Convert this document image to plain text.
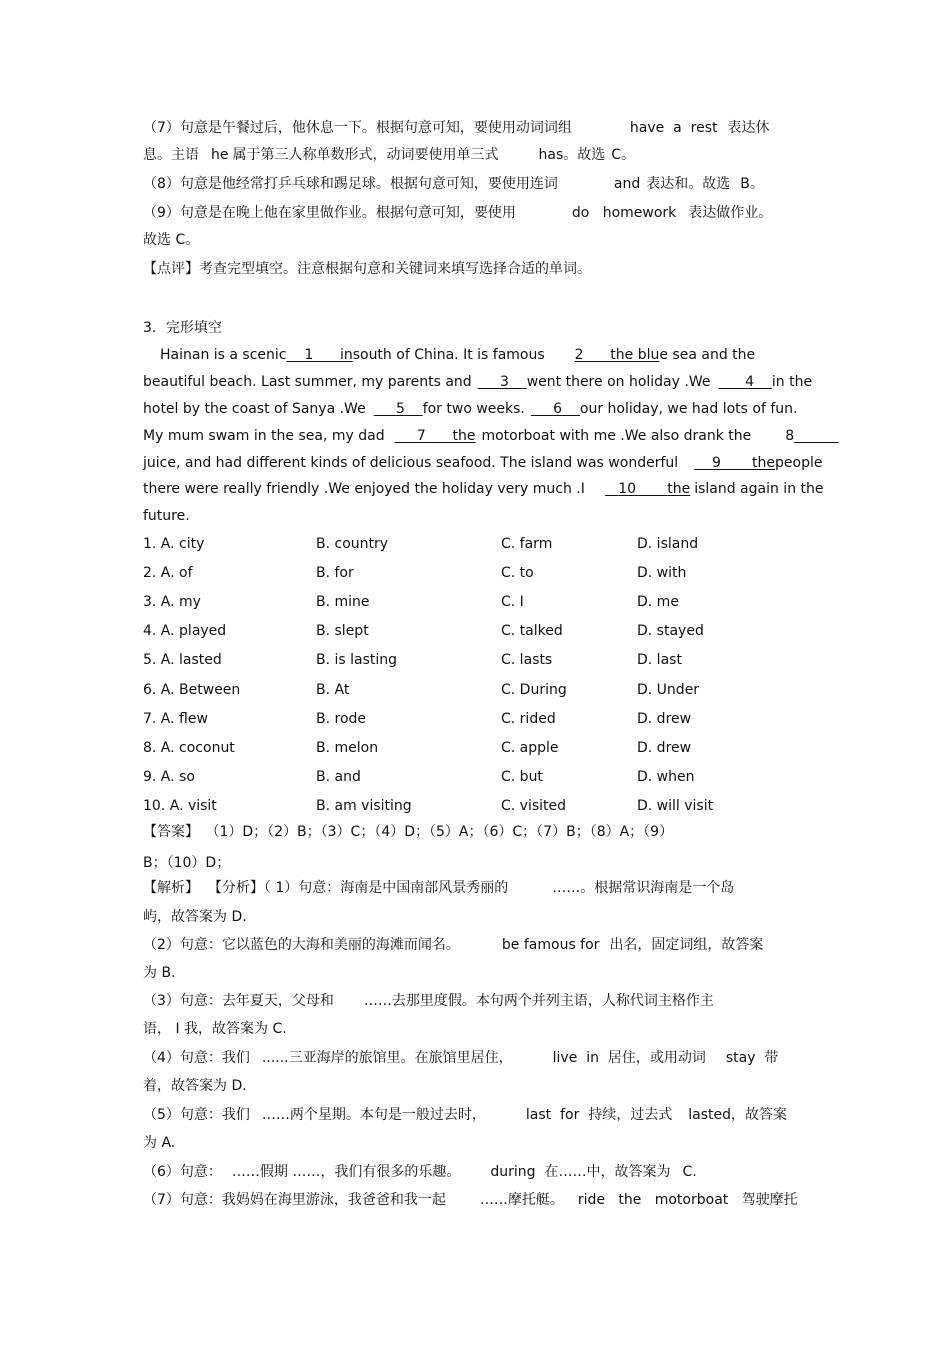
（7）句意是午餐过后，他休息一下。根据句意可知，要使用动词词组	have  a  rest 表达休
息。主语 he 属于第三人称单数形式，动词要使用单三式	has。故选 C。
（8）句意是他经常打乒乓球和踢足球。根据句意可知，要使用连词	and 表达和。故选 B。
（9）句意是在晚上他在家里做作业。根据句意可知，要使用	do   homework 表达做作业。
故选 C。
【点评】考查完型填空。注意根据句意和关键词来填写选择合适的单词。
3．完形填空
Hainan is a scenic 1 insouth of China. It is famous 2 the blue sea and the
beautiful beach. Last summer, my parents and 3 went there on holiday .We 4 in the
hotel by the coast of Sanya .We 5 for two weeks. 6 our holiday, we had lots of fun.
My mum swam in the sea, my dad 7 the motorboat with me .We also drank the 8
juice, and had different kinds of delicious seafood. The island was wonderful 9 thepeople
there were really friendly .We enjoyed the holiday very much .I 10 the island again in the
future.
1. A. city	B. country	C. farm	D. island
2. A. of	B. for	C. to	D. with
3. A. my	B. mine	C. I	D. me
4. A. played	B. slept	C. talked	D. stayed
5. A. lasted	B. is lasting	C. lasts	D. last
6. A. Between	B. At	C. During	D. Under
7. A. flew	B. rode	C. rided	D. drew
8. A. coconut	B. melon	C. apple	D. drew
9. A. so	B. and	C. but	D. when
10. A. visit	B. am visiting	C. visited	D. will visit
【答案】 （1）D；（2）B；（3）C；（4）D；（5）A；（6）C；（7）B；（8）A；（9）
B；（10）D；
【解析】  【分析】（ 1）句意：海南是中国南部风景秀丽的	……。根据常识海南是一个岛
屿，故答案为 D.
（2）句意：它以蓝色的大海和美丽的海滩而闻名。	be famous for 出名，固定词组，故答案
为 B.
（3）句意：去年夏天，父母和 ……去那里度假。本句两个并列主语，人称代词主格作主
语， I 我，故答案为 C.
（4）句意：我们 ......三亚海岸的旅馆里。在旅馆里居住，	live  in  居住，或用动词 stay  带
着，故答案为 D.
（5）句意：我们 ……两个星期。本句是一般过去时，	last  for  持续，过去式 lasted，故答案
为 A.
（6）句意： ……假期 ……，我们有很多的乐趣。 during  在……中，故答案为 C.
（7）句意：我妈妈在海里游泳，我爸爸和我一起 ……摩托艇。 ride   the   motorboat   驾驶摩托
